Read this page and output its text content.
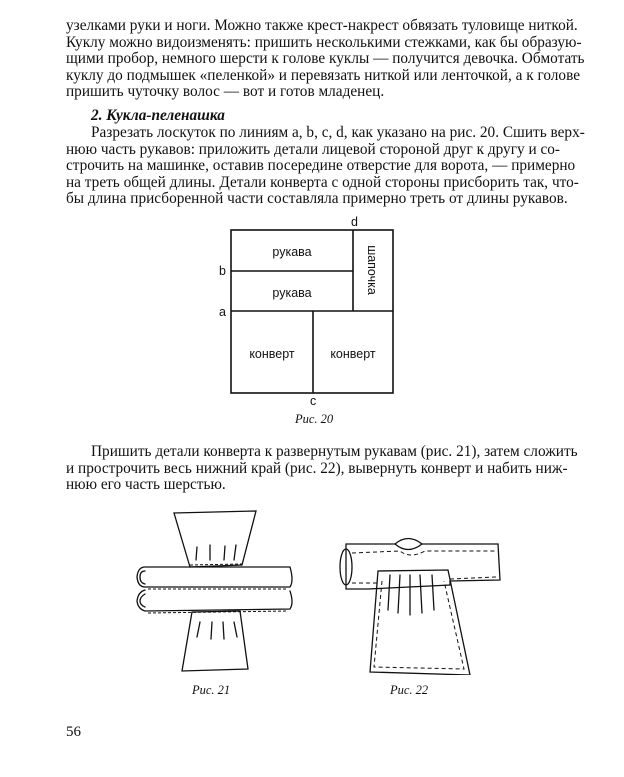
узелками руки и ноги. Можно также крест-накрест обвязать туловище ниткой.
Куклу можно видоизменять: пришить несколькими стежками, как бы образую-
щими пробор, немного шерсти к голове куклы — получится девочка. Обмотать
куклу до подмышек «пеленкой» и перевязать ниткой или ленточкой, а к голове
пришить чуточку волос — вот и готов младенец.
2. Кукла-пеленашка
Разрезать лоскуток по линиям a, b, c, d, как указано на рис. 20. Сшить верх-
нюю часть рукавов: приложить детали лицевой стороной друг к другу и со-
строчить на машинке, оставив посередине отверстие для ворота, — примерно
на треть общей длины. Детали конверта с одной стороны присборить так, что-
бы длина присборенной части составляла примерно треть от длины рукавов.
d
b
a
c
рукава
рукава	шапочка
конверт	конверт
Рис. 20
Пришить детали конверта к развернутым рукавам (рис. 21), затем сложить
и прострочить весь нижний край (рис. 22), вывернуть конверт и набить ниж-
нюю его часть шерстью.
Рис. 21	Рис. 22
56
